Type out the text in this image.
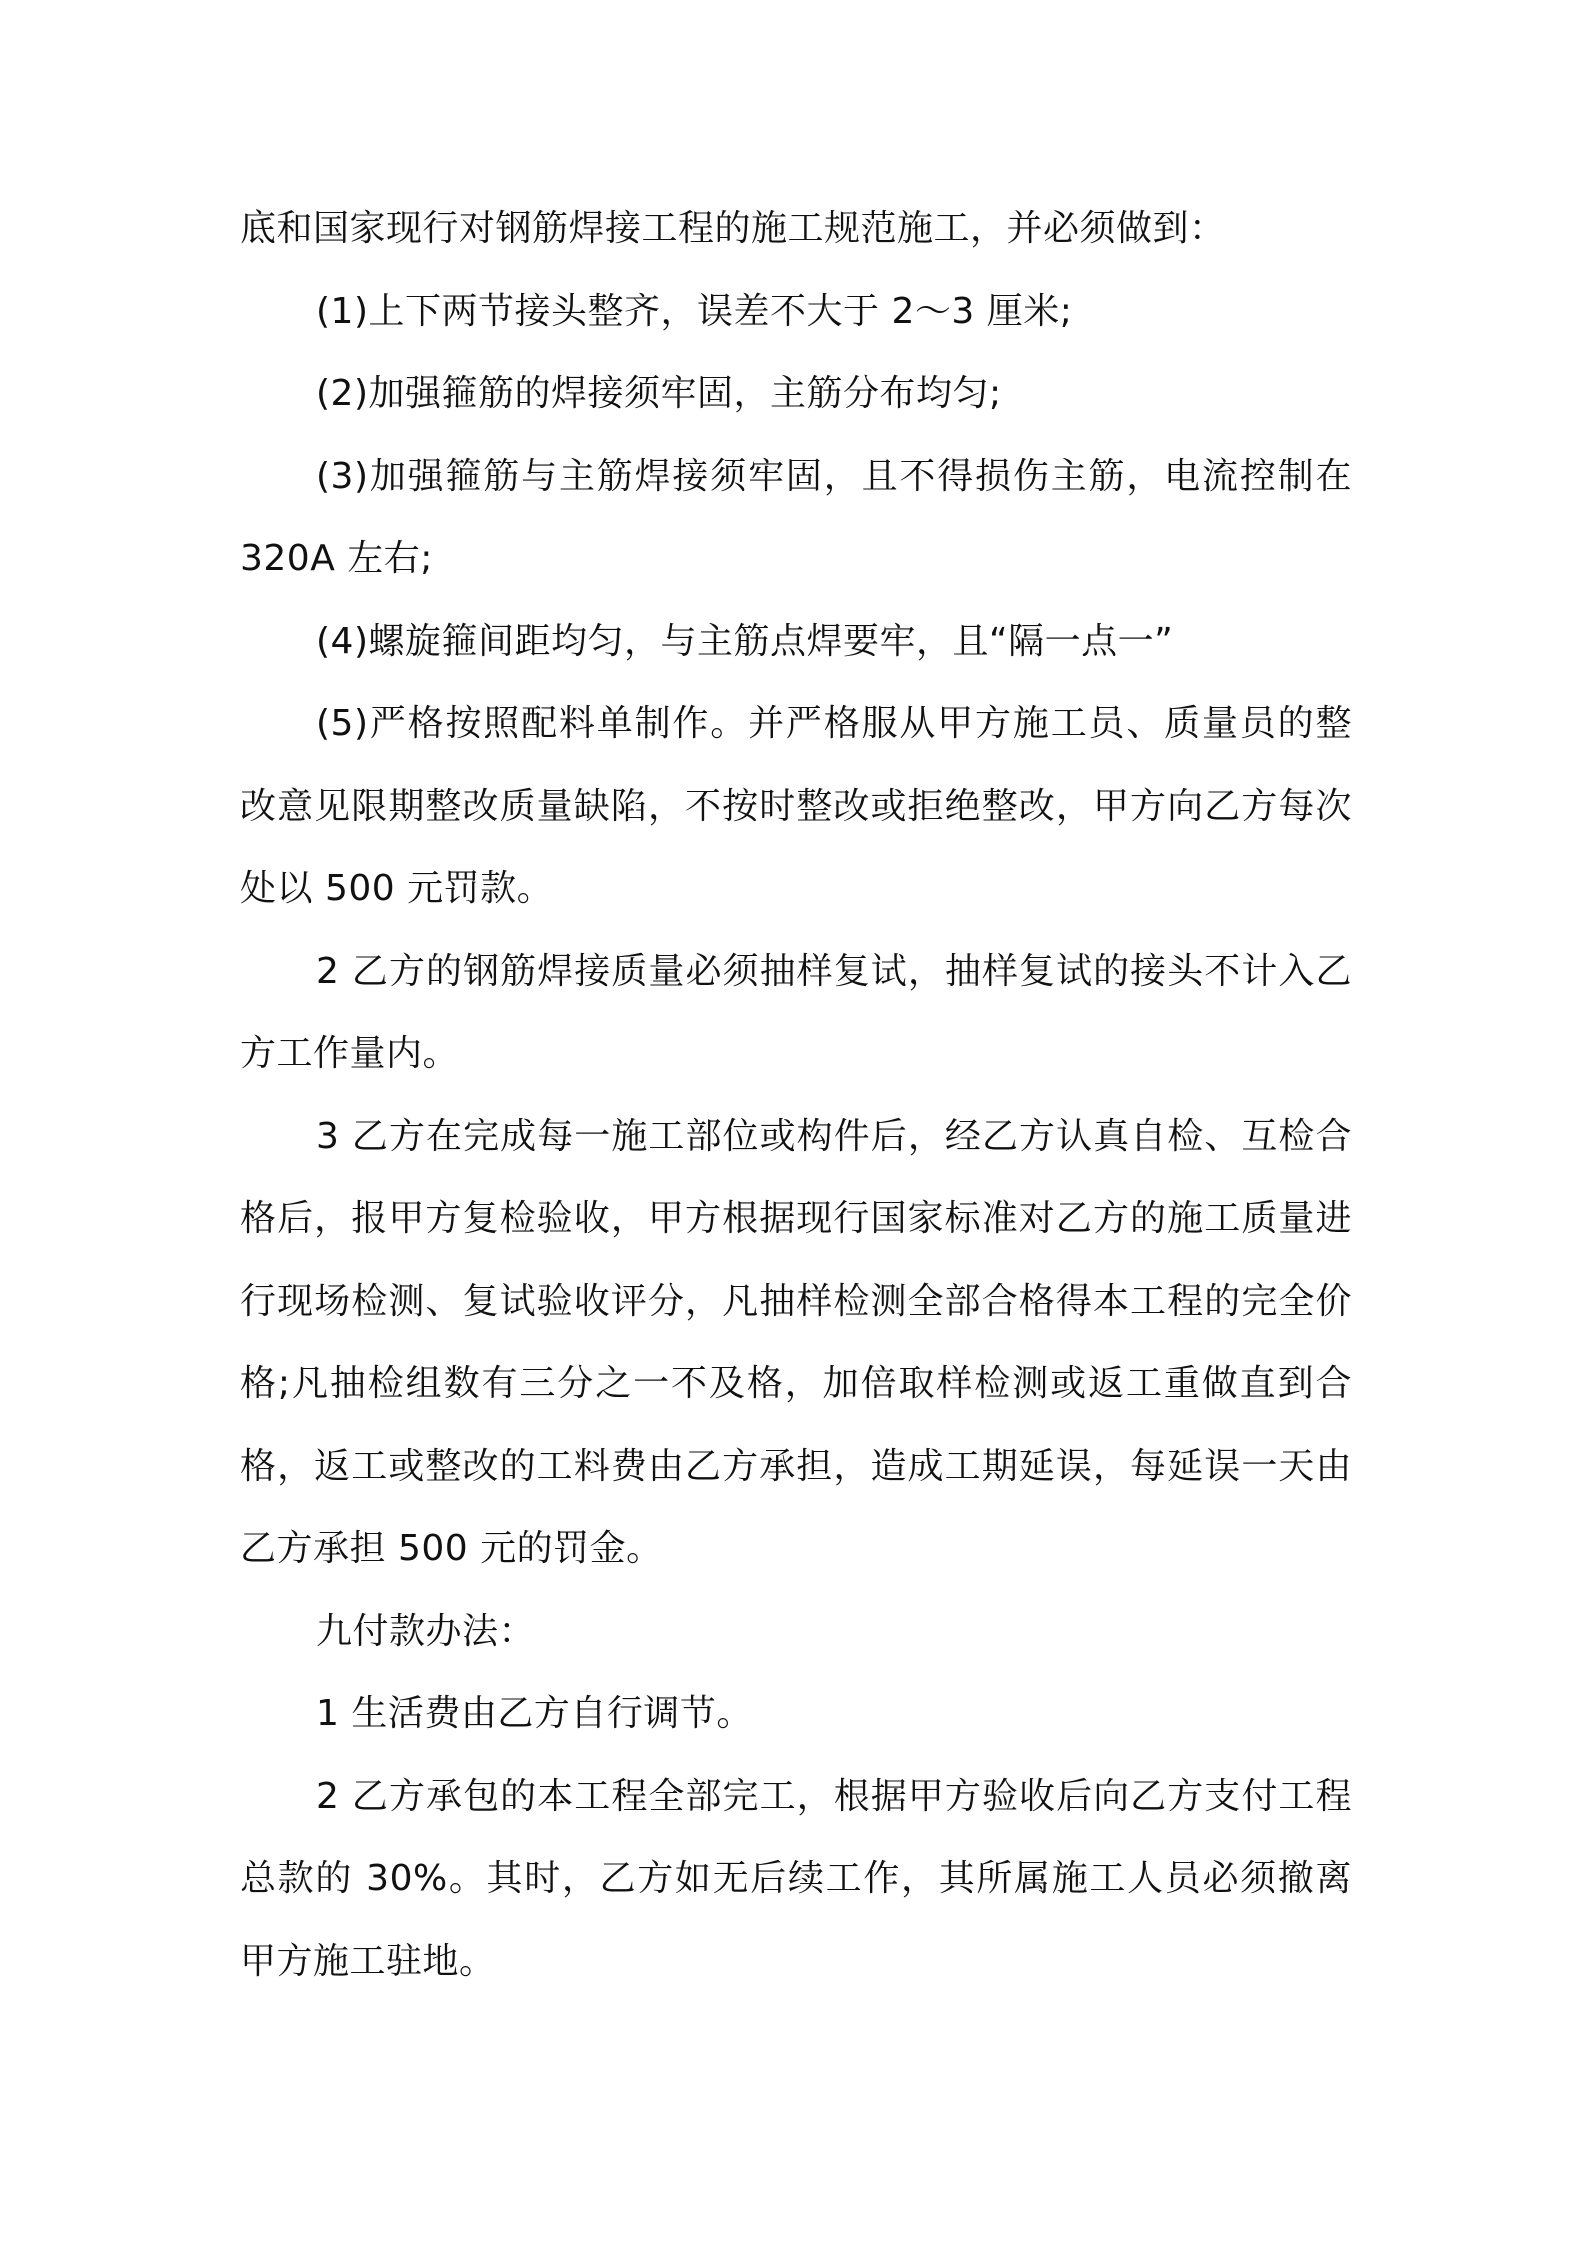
底和国家现行对钢筋焊接工程的施工规范施工，并必须做到：

(1)上下两节接头整齐，误差不大于 2～3 厘米;

(2)加强箍筋的焊接须牢固，主筋分布均匀;

(3)加强箍筋与主筋焊接须牢固，且不得损伤主筋，电流控制在 320A 左右;

(4)螺旋箍间距均匀，与主筋点焊要牢，且“隔一点一”

(5)严格按照配料单制作。并严格服从甲方施工员、质量员的整改意见限期整改质量缺陷，不按时整改或拒绝整改，甲方向乙方每次处以 500 元罚款。

2 乙方的钢筋焊接质量必须抽样复试，抽样复试的接头不计入乙方工作量内。

3 乙方在完成每一施工部位或构件后，经乙方认真自检、互检合格后，报甲方复检验收，甲方根据现行国家标准对乙方的施工质量进行现场检测、复试验收评分，凡抽样检测全部合格得本工程的完全价格;凡抽检组数有三分之一不及格，加倍取样检测或返工重做直到合格，返工或整改的工料费由乙方承担，造成工期延误，每延误一天由乙方承担 500 元的罚金。

九付款办法：

1 生活费由乙方自行调节。

2 乙方承包的本工程全部完工，根据甲方验收后向乙方支付工程总款的 30%。其时，乙方如无后续工作，其所属施工人员必须撤离甲方施工驻地。
